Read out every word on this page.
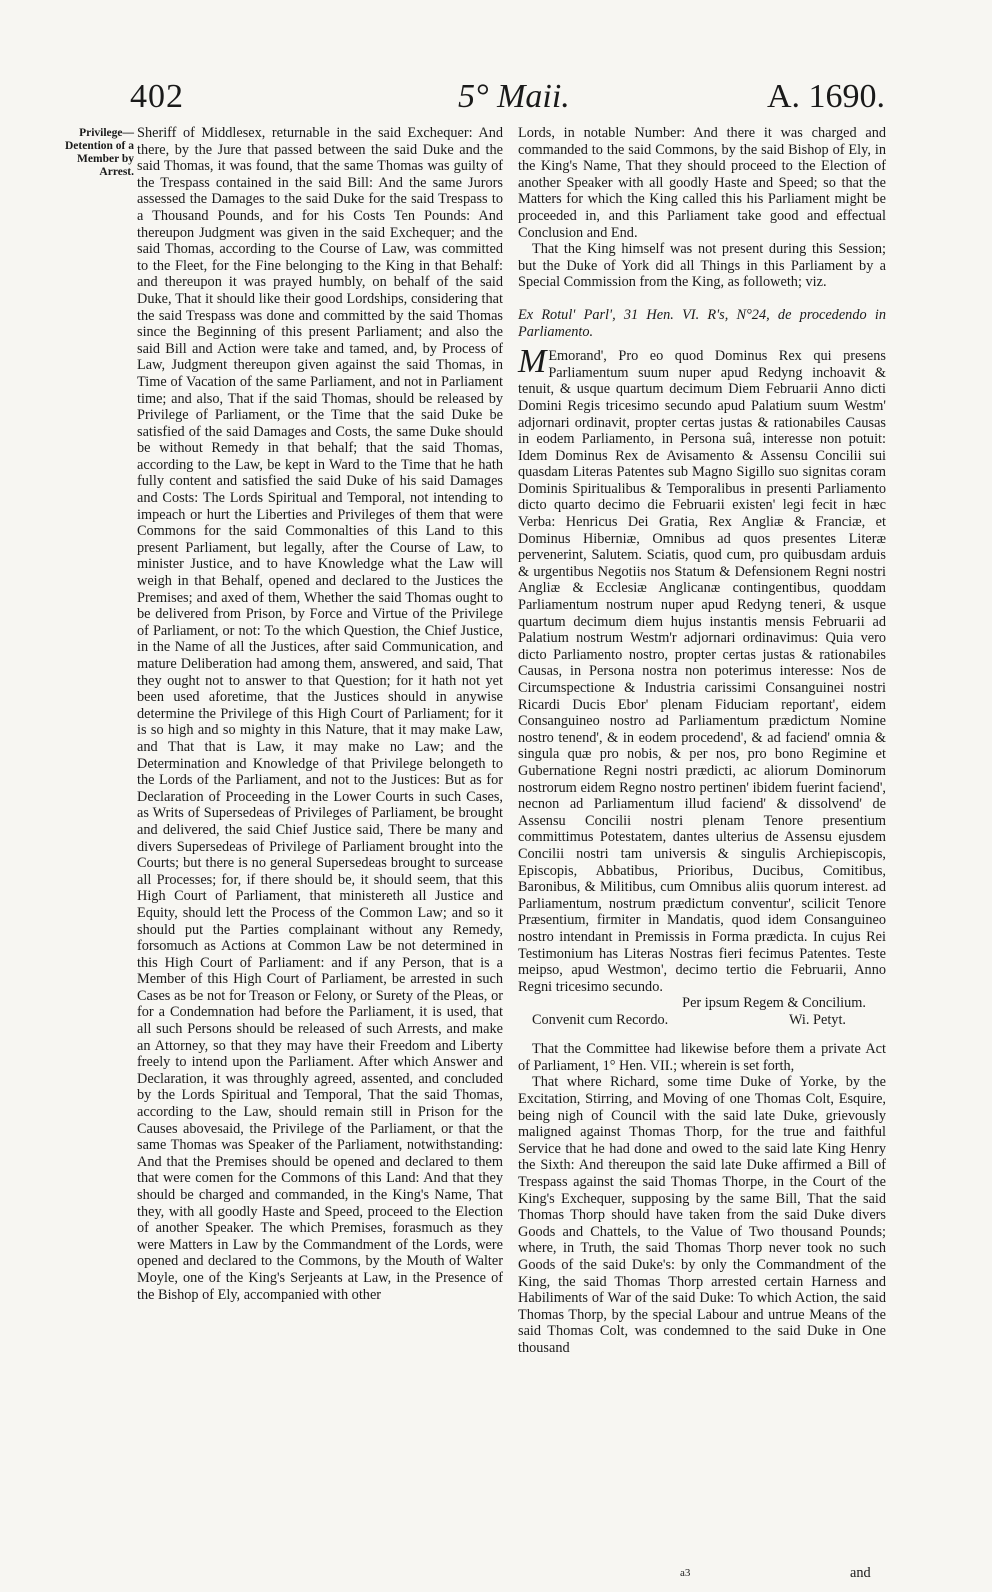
402	5° Maii.	A. 1690.
Privilege—Detention of a Member by Arrest.

Sheriff of Middlesex, returnable in the said Exchequer: And there, by the Jure that passed between the said Duke and the said Thomas, it was found, that the same Thomas was guilty of the Trespass contained in the said Bill: And the same Jurors assessed the Damages to the said Duke for the said Trespass to a Thousand Pounds, and for his Costs Ten Pounds: And thereupon Judgment was given in the said Exchequer; and the said Thomas, according to the Course of Law, was committed to the Fleet, for the Fine belonging to the King in that Behalf: and thereupon it was prayed humbly, on behalf of the said Duke, That it should like their good Lordships, considering that the said Trespass was done and committed by the said Thomas since the Beginning of this present Parliament; and also the said Bill and Action were take and tamed, and, by Process of Law, Judgment thereupon given against the said Thomas, in Time of Vacation of the same Parliament, and not in Parliament time; and also, That if the said Thomas, should be released by Privilege of Parliament, or the Time that the said Duke be satisfied of the said Damages and Costs, the same Duke should be without Remedy in that behalf; that the said Thomas, according to the Law, be kept in Ward to the Time that he hath fully content and satisfied the said Duke of his said Damages and Costs: The Lords Spiritual and Temporal, not intending to impeach or hurt the Liberties and Privileges of them that were Commons for the said Commonalties of this Land to this present Parliament, but legally, after the Course of Law, to minister Justice, and to have Knowledge what the Law will weigh in that Behalf, opened and declared to the Justices the Premises; and axed of them, Whether the said Thomas ought to be delivered from Prison, by Force and Virtue of the Privilege of Parliament, or not: To the which Question, the Chief Justice, in the Name of all the Justices, after said Communication, and mature Deliberation had among them, answered, and said, That they ought not to answer to that Question; for it hath not yet been used aforetime, that the Justices should in anywise determine the Privilege of this High Court of Parliament; for it is so high and so mighty in this Nature, that it may make Law, and That that is Law, it may make no Law; and the Determination and Knowledge of that Privilege belongeth to the Lords of the Parliament, and not to the Justices: But as for Declaration of Proceeding in the Lower Courts in such Cases, as Writs of Supersedeas of Privileges of Parliament, be brought and delivered, the said Chief Justice said, There be many and divers Supersedeas of Privilege of Parliament brought into the Courts; but there is no general Supersedeas brought to surcease all Processes; for, if there should be, it should seem, that this High Court of Parliament, that ministereth all Justice and Equity, should lett the Process of the Common Law; and so it should put the Parties complainant without any Remedy, forsomuch as Actions at Common Law be not determined in this High Court of Parliament: and if any Person, that is a Member of this High Court of Parliament, be arrested in such Cases as be not for Treason or Felony, or Surety of the Pleas, or for a Condemnation had before the Parliament, it is used, that all such Persons should be released of such Arrests, and make an Attorney, so that they may have their Freedom and Liberty freely to intend upon the Parliament. After which Answer and Declaration, it was throughly agreed, assented, and concluded by the Lords Spiritual and Temporal, That the said Thomas, according to the Law, should remain still in Prison for the Causes abovesaid, the Privilege of the Parliament, or that the same Thomas was Speaker of the Parliament, notwithstanding: And that the Premises should be opened and declared to them that were comen for the Commons of this Land: And that they should be charged and commanded, in the King's Name, That they, with all goodly Haste and Speed, proceed to the Election of another Speaker. The which Premises, forasmuch as they were Matters in Law by the Commandment of the Lords, were opened and declared to the Commons, by the Mouth of Walter Moyle, one of the King's Serjeants at Law, in the Presence of the Bishop of Ely, accompanied with other

Lords, in notable Number: And there it was charged and commanded to the said Commons, by the said Bishop of Ely, in the King's Name, That they should proceed to the Election of another Speaker with all goodly Haste and Speed; so that the Matters for which the King called this his Parliament might be proceeded in, and this Parliament take good and effectual Conclusion and End.

That the King himself was not present during this Session; but the Duke of York did all Things in this Parliament by a Special Commission from the King, as followeth; viz.

Ex Rotul' Parl', 31 Hen. VI. R's, N°24, de procedendo in Parliamento.

M Emorand', Pro eo quod Dominus Rex qui presens Parliamentum suum nuper apud Redyng inchoavit & tenuit, & usque quartum decimum Diem Februarii Anno dicti Domini Regis tricesimo secundo apud Palatium suum Westm' adjornari ordinavit, propter certas justas & rationabiles Causas in eodem Parliamento, in Persona suâ, interesse non potuit: Idem Dominus Rex de Avisamento & Assensu Concilii sui quasdam Literas Patentes sub Magno Sigillo suo signitas coram Dominis Spiritualibus & Temporalibus in presenti Parliamento dicto quarto decimo die Februarii existen' legi fecit in hæc Verba: Henricus Dei Gratia, Rex Angliæ & Franciæ, et Dominus Hiberniæ, Omnibus ad quos presentes Literæ pervenerint, Salutem. Sciatis, quod cum, pro quibusdam arduis & urgentibus Negotiis nos Statum & Defensionem Regni nostri Angliæ & Ecclesiæ Anglicanæ contingentibus, quoddam Parliamentum nostrum nuper apud Redyng teneri, & usque quartum decimum diem hujus instantis mensis Februarii ad Palatium nostrum Westm'r adjornari ordinavimus: Quia vero dicto Parliamento nostro, propter certas justas & rationabiles Causas, in Persona nostra non poterimus interesse: Nos de Circumspectione & Industria carissimi Consanguinei nostri Ricardi Ducis Ebor' plenam Fiduciam reportant', eidem Consanguineo nostro ad Parliamentum prædictum Nomine nostro tenend', & in eodem procedend', & ad faciend' omnia & singula quæ pro nobis, & per nos, pro bono Regimine et Gubernatione Regni nostri prædicti, ac aliorum Dominorum nostrorum eidem Regno nostro pertinen' ibidem fuerint faciend', necnon ad Parliamentum illud faciend' & dissolvend' de Assensu Concilii nostri plenam Tenore presentium committimus Potestatem, dantes ulterius de Assensu ejusdem Concilii nostri tam universis & singulis Archiepiscopis, Episcopis, Abbatibus, Prioribus, Ducibus, Comitibus, Baronibus, & Militibus, cum Omnibus aliis quorum interest. ad Parliamentum, nostrum prædictum conventur', scilicit Tenore Præsentium, firmiter in Mandatis, quod idem Consanguineo nostro intendant in Premissis in Forma prædicta. In cujus Rei Testimonium has Literas Nostras fieri fecimus Patentes. Teste meipso, apud Westmon', decimo tertio die Februarii, Anno Regni tricesimo secundo.

Per ipsum Regem & Concilium.
Convenit cum Recordo.	Wi. Petyt.

That the Committee had likewise before them a private Act of Parliament, 1° Hen. VII.; wherein is set forth,

That where Richard, some time Duke of Yorke, by the Excitation, Stirring, and Moving of one Thomas Colt, Esquire, being nigh of Council with the said late Duke, grievously maligned against Thomas Thorp, for the true and faithful Service that he had done and owed to the said late King Henry the Sixth: And thereupon the said late Duke affirmed a Bill of Trespass against the said Thomas Thorpe, in the Court of the King's Exchequer, supposing by the same Bill, That the said Thomas Thorp should have taken from the said Duke divers Goods and Chattels, to the Value of Two thousand Pounds; where, in Truth, the said Thomas Thorp never took no such Goods of the said Duke's: by only the Commandment of the King, the said Thomas Thorp arrested certain Harness and Habiliments of War of the said Duke: To which Action, the said Thomas Thorp, by the special Labour and untrue Means of the said Thomas Colt, was condemned to the said Duke in One thousand

a3	and
